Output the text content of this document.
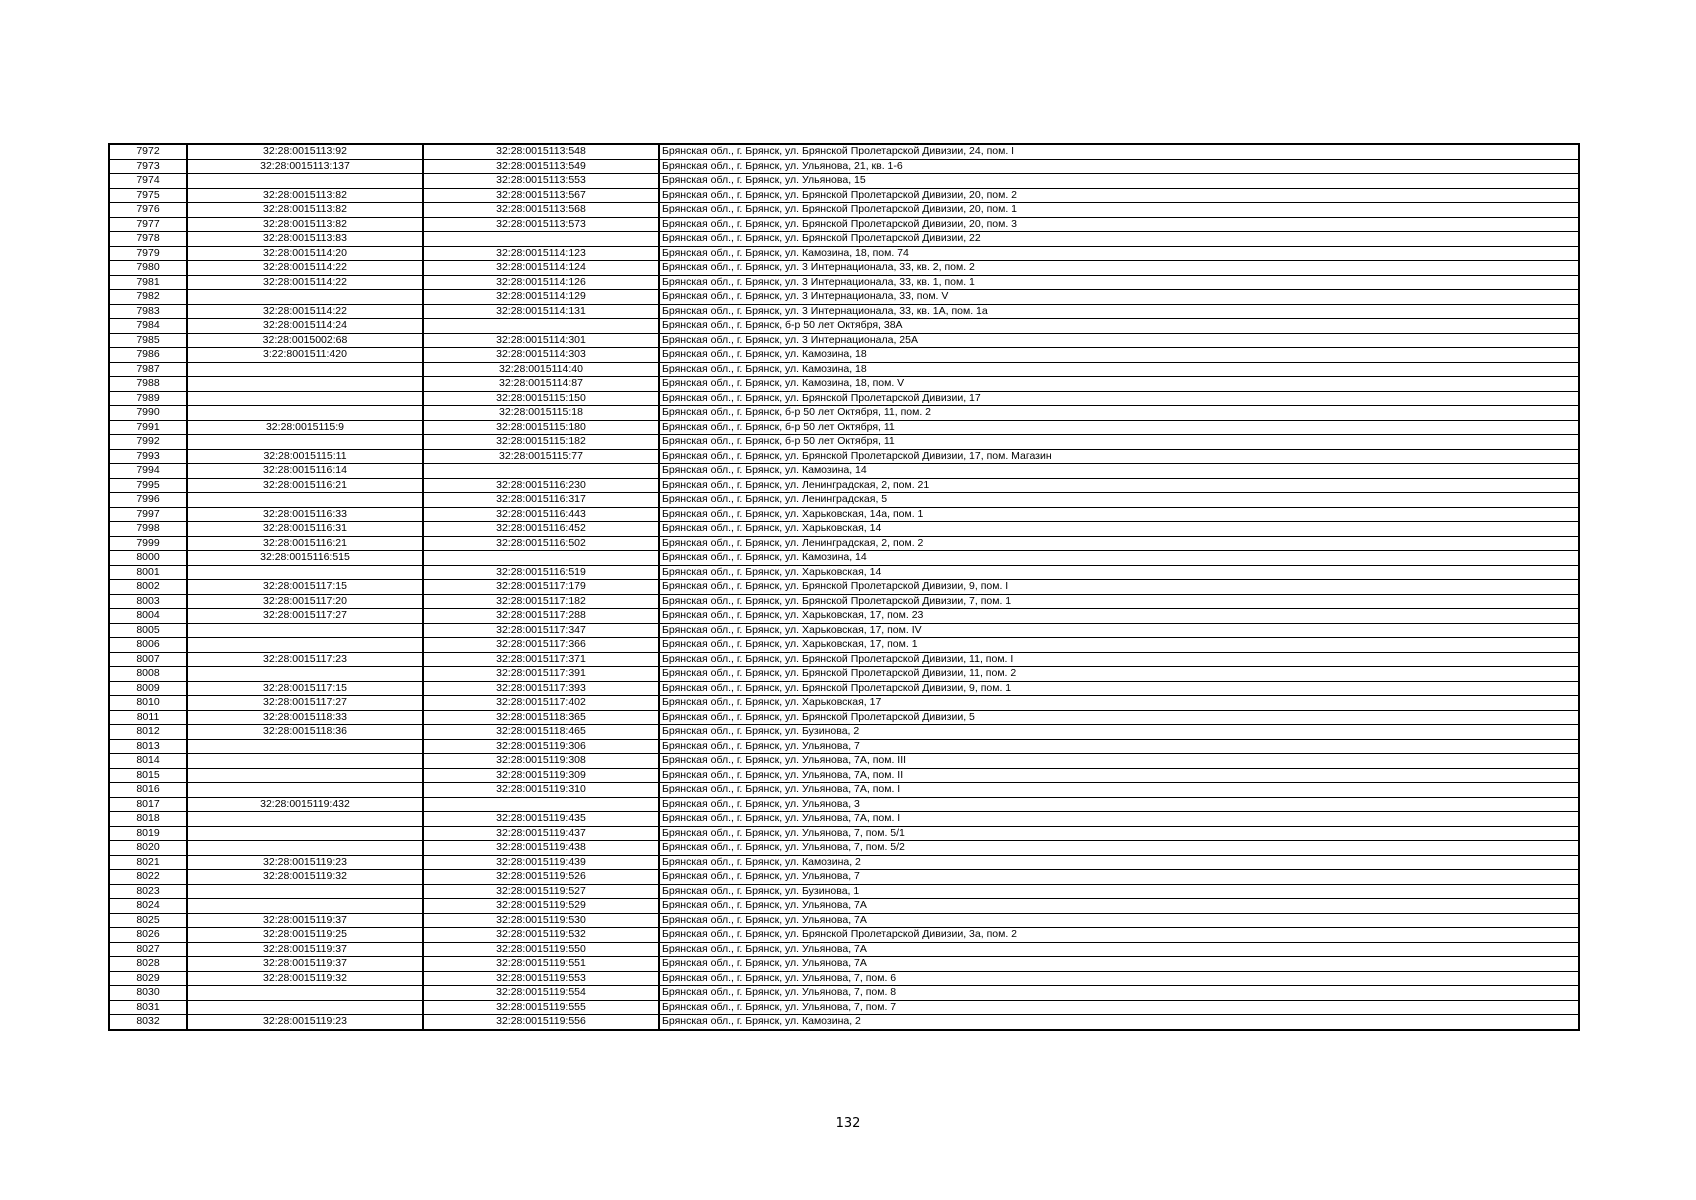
7972	32:28:0015113:92	32:28:0015113:548	Брянская обл., г. Брянск, ул. Брянской Пролетарской Дивизии, 24, пом. I
7973	32:28:0015113:137	32:28:0015113:549	Брянская обл., г. Брянск, ул. Ульянова, 21, кв. 1-6
7974		32:28:0015113:553	Брянская обл., г. Брянск, ул. Ульянова, 15
7975	32:28:0015113:82	32:28:0015113:567	Брянская обл., г. Брянск, ул. Брянской Пролетарской Дивизии, 20, пом. 2
7976	32:28:0015113:82	32:28:0015113:568	Брянская обл., г. Брянск, ул. Брянской Пролетарской Дивизии, 20, пом. 1
7977	32:28:0015113:82	32:28:0015113:573	Брянская обл., г. Брянск, ул. Брянской Пролетарской Дивизии, 20, пом. 3
7978	32:28:0015113:83		Брянская обл., г. Брянск, ул. Брянской Пролетарской Дивизии, 22
7979	32:28:0015114:20	32:28:0015114:123	Брянская обл., г. Брянск, ул. Камозина, 18, пом. 74
7980	32:28:0015114:22	32:28:0015114:124	Брянская обл., г. Брянск, ул. 3 Интернационала, 33, кв. 2, пом. 2
7981	32:28:0015114:22	32:28:0015114:126	Брянская обл., г. Брянск, ул. 3 Интернационала, 33, кв. 1, пом. 1
7982		32:28:0015114:129	Брянская обл., г. Брянск, ул. 3 Интернационала, 33, пом. V
7983	32:28:0015114:22	32:28:0015114:131	Брянская обл., г. Брянск, ул. 3 Интернационала, 33, кв. 1А, пом. 1а
7984	32:28:0015114:24		Брянская обл., г. Брянск, б-р 50 лет Октября, 38А
7985	32:28:0015002:68	32:28:0015114:301	Брянская обл., г. Брянск, ул. 3 Интернационала, 25А
7986	3:22:8001511:420	32:28:0015114:303	Брянская обл., г. Брянск, ул. Камозина, 18
7987		32:28:0015114:40	Брянская обл., г. Брянск, ул. Камозина, 18
7988		32:28:0015114:87	Брянская обл., г. Брянск, ул. Камозина, 18, пом. V
7989		32:28:0015115:150	Брянская обл., г. Брянск, ул. Брянской Пролетарской Дивизии, 17
7990		32:28:0015115:18	Брянская обл., г. Брянск, б-р 50 лет Октября, 11, пом. 2
7991	32:28:0015115:9	32:28:0015115:180	Брянская обл., г. Брянск, б-р 50 лет Октября, 11
7992		32:28:0015115:182	Брянская обл., г. Брянск, б-р 50 лет Октября, 11
7993	32:28:0015115:11	32:28:0015115:77	Брянская обл., г. Брянск, ул. Брянской Пролетарской Дивизии, 17, пом. Магазин
7994	32:28:0015116:14		Брянская обл., г. Брянск, ул. Камозина, 14
7995	32:28:0015116:21	32:28:0015116:230	Брянская обл., г. Брянск, ул. Ленинградская, 2, пом. 21
7996		32:28:0015116:317	Брянская обл., г. Брянск, ул. Ленинградская, 5
7997	32:28:0015116:33	32:28:0015116:443	Брянская обл., г. Брянск, ул. Харьковская, 14а, пом. 1
7998	32:28:0015116:31	32:28:0015116:452	Брянская обл., г. Брянск, ул. Харьковская, 14
7999	32:28:0015116:21	32:28:0015116:502	Брянская обл., г. Брянск, ул. Ленинградская, 2, пом. 2
8000	32:28:0015116:515		Брянская обл., г. Брянск, ул. Камозина, 14
8001		32:28:0015116:519	Брянская обл., г. Брянск, ул. Харьковская, 14
8002	32:28:0015117:15	32:28:0015117:179	Брянская обл., г. Брянск, ул. Брянской Пролетарской Дивизии, 9, пом. I
8003	32:28:0015117:20	32:28:0015117:182	Брянская обл., г. Брянск, ул. Брянской Пролетарской Дивизии, 7, пом. 1
8004	32:28:0015117:27	32:28:0015117:288	Брянская обл., г. Брянск, ул. Харьковская, 17, пом. 23
8005		32:28:0015117:347	Брянская обл., г. Брянск, ул. Харьковская, 17, пом. IV
8006		32:28:0015117:366	Брянская обл., г. Брянск, ул. Харьковская, 17, пом. 1
8007	32:28:0015117:23	32:28:0015117:371	Брянская обл., г. Брянск, ул. Брянской Пролетарской Дивизии, 11, пом. I
8008		32:28:0015117:391	Брянская обл., г. Брянск, ул. Брянской Пролетарской Дивизии, 11, пом. 2
8009	32:28:0015117:15	32:28:0015117:393	Брянская обл., г. Брянск, ул. Брянской Пролетарской Дивизии, 9, пом. 1
8010	32:28:0015117:27	32:28:0015117:402	Брянская обл., г. Брянск, ул. Харьковская, 17
8011	32:28:0015118:33	32:28:0015118:365	Брянская обл., г. Брянск, ул. Брянской Пролетарской Дивизии, 5
8012	32:28:0015118:36	32:28:0015118:465	Брянская обл., г. Брянск, ул. Бузинова, 2
8013		32:28:0015119:306	Брянская обл., г. Брянск, ул. Ульянова, 7
8014		32:28:0015119:308	Брянская обл., г. Брянск, ул. Ульянова, 7А, пом. III
8015		32:28:0015119:309	Брянская обл., г. Брянск, ул. Ульянова, 7А, пом. II
8016		32:28:0015119:310	Брянская обл., г. Брянск, ул. Ульянова, 7А, пом. I
8017	32:28:0015119:432		Брянская обл., г. Брянск, ул. Ульянова, 3
8018		32:28:0015119:435	Брянская обл., г. Брянск, ул. Ульянова, 7А, пом. I
8019		32:28:0015119:437	Брянская обл., г. Брянск, ул. Ульянова, 7, пом. 5/1
8020		32:28:0015119:438	Брянская обл., г. Брянск, ул. Ульянова, 7, пом. 5/2
8021	32:28:0015119:23	32:28:0015119:439	Брянская обл., г. Брянск, ул. Камозина, 2
8022	32:28:0015119:32	32:28:0015119:526	Брянская обл., г. Брянск, ул. Ульянова, 7
8023		32:28:0015119:527	Брянская обл., г. Брянск, ул. Бузинова, 1
8024		32:28:0015119:529	Брянская обл., г. Брянск, ул. Ульянова, 7А
8025	32:28:0015119:37	32:28:0015119:530	Брянская обл., г. Брянск, ул. Ульянова, 7А
8026	32:28:0015119:25	32:28:0015119:532	Брянская обл., г. Брянск, ул. Брянской Пролетарской Дивизии, 3а, пом. 2
8027	32:28:0015119:37	32:28:0015119:550	Брянская обл., г. Брянск, ул. Ульянова, 7А
8028	32:28:0015119:37	32:28:0015119:551	Брянская обл., г. Брянск, ул. Ульянова, 7А
8029	32:28:0015119:32	32:28:0015119:553	Брянская обл., г. Брянск, ул. Ульянова, 7, пом. 6
8030		32:28:0015119:554	Брянская обл., г. Брянск, ул. Ульянова, 7, пом. 8
8031		32:28:0015119:555	Брянская обл., г. Брянск, ул. Ульянова, 7, пом. 7
8032	32:28:0015119:23	32:28:0015119:556	Брянская обл., г. Брянск, ул. Камозина, 2
132
